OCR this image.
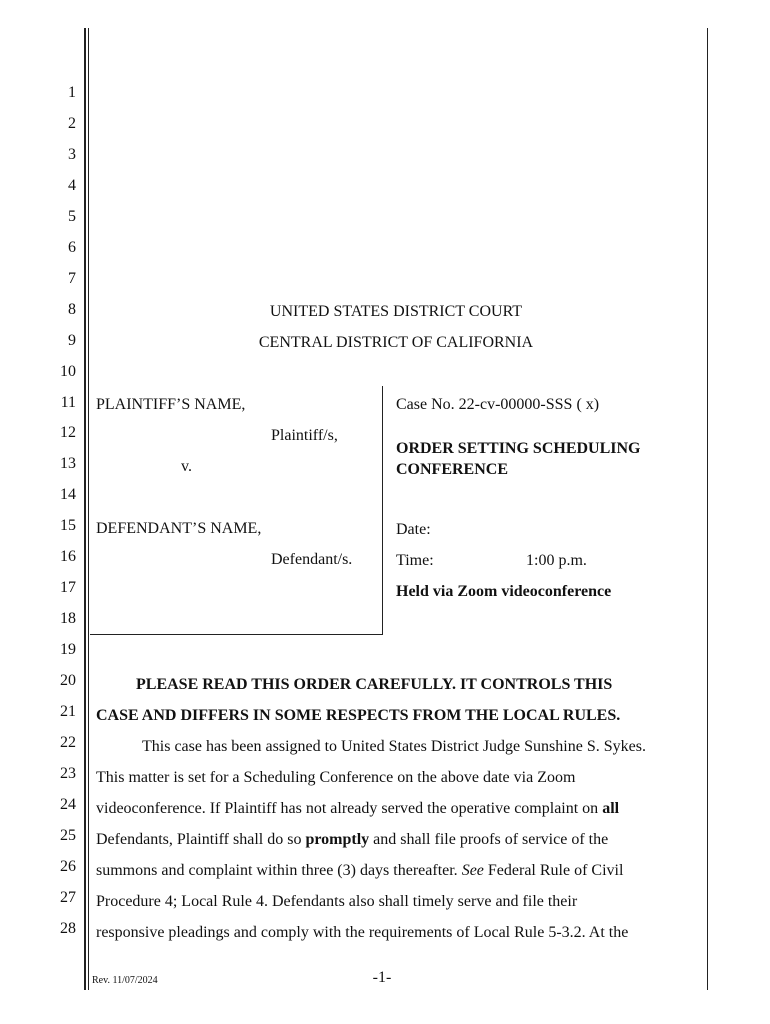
1
2
3
4
5
6
7
8
9
10
11
12
13
14
15
16
17
18
19
20
21
22
23
24
25
26
27
28
UNITED STATES DISTRICT COURT
CENTRAL DISTRICT OF CALIFORNIA
PLAINTIFF’S NAME,
Plaintiff/s,
v.
DEFENDANT’S NAME,
Defendant/s.
Case No. 22-cv-00000-SSS ( x)
ORDER SETTING SCHEDULING
CONFERENCE
Date:
Time:	1:00 p.m.
Held via Zoom videoconference
PLEASE READ THIS ORDER CAREFULLY. IT CONTROLS THIS
CASE AND DIFFERS IN SOME RESPECTS FROM THE LOCAL RULES.
This case has been assigned to United States District Judge Sunshine S. Sykes.
This matter is set for a Scheduling Conference on the above date via Zoom
videoconference. If Plaintiff has not already served the operative complaint on all
Defendants, Plaintiff shall do so promptly and shall file proofs of service of the
summons and complaint within three (3) days thereafter. See Federal Rule of Civil
Procedure 4; Local Rule 4. Defendants also shall timely serve and file their
responsive pleadings and comply with the requirements of Local Rule 5-3.2. At the
Rev. 11/07/2024	-1-
